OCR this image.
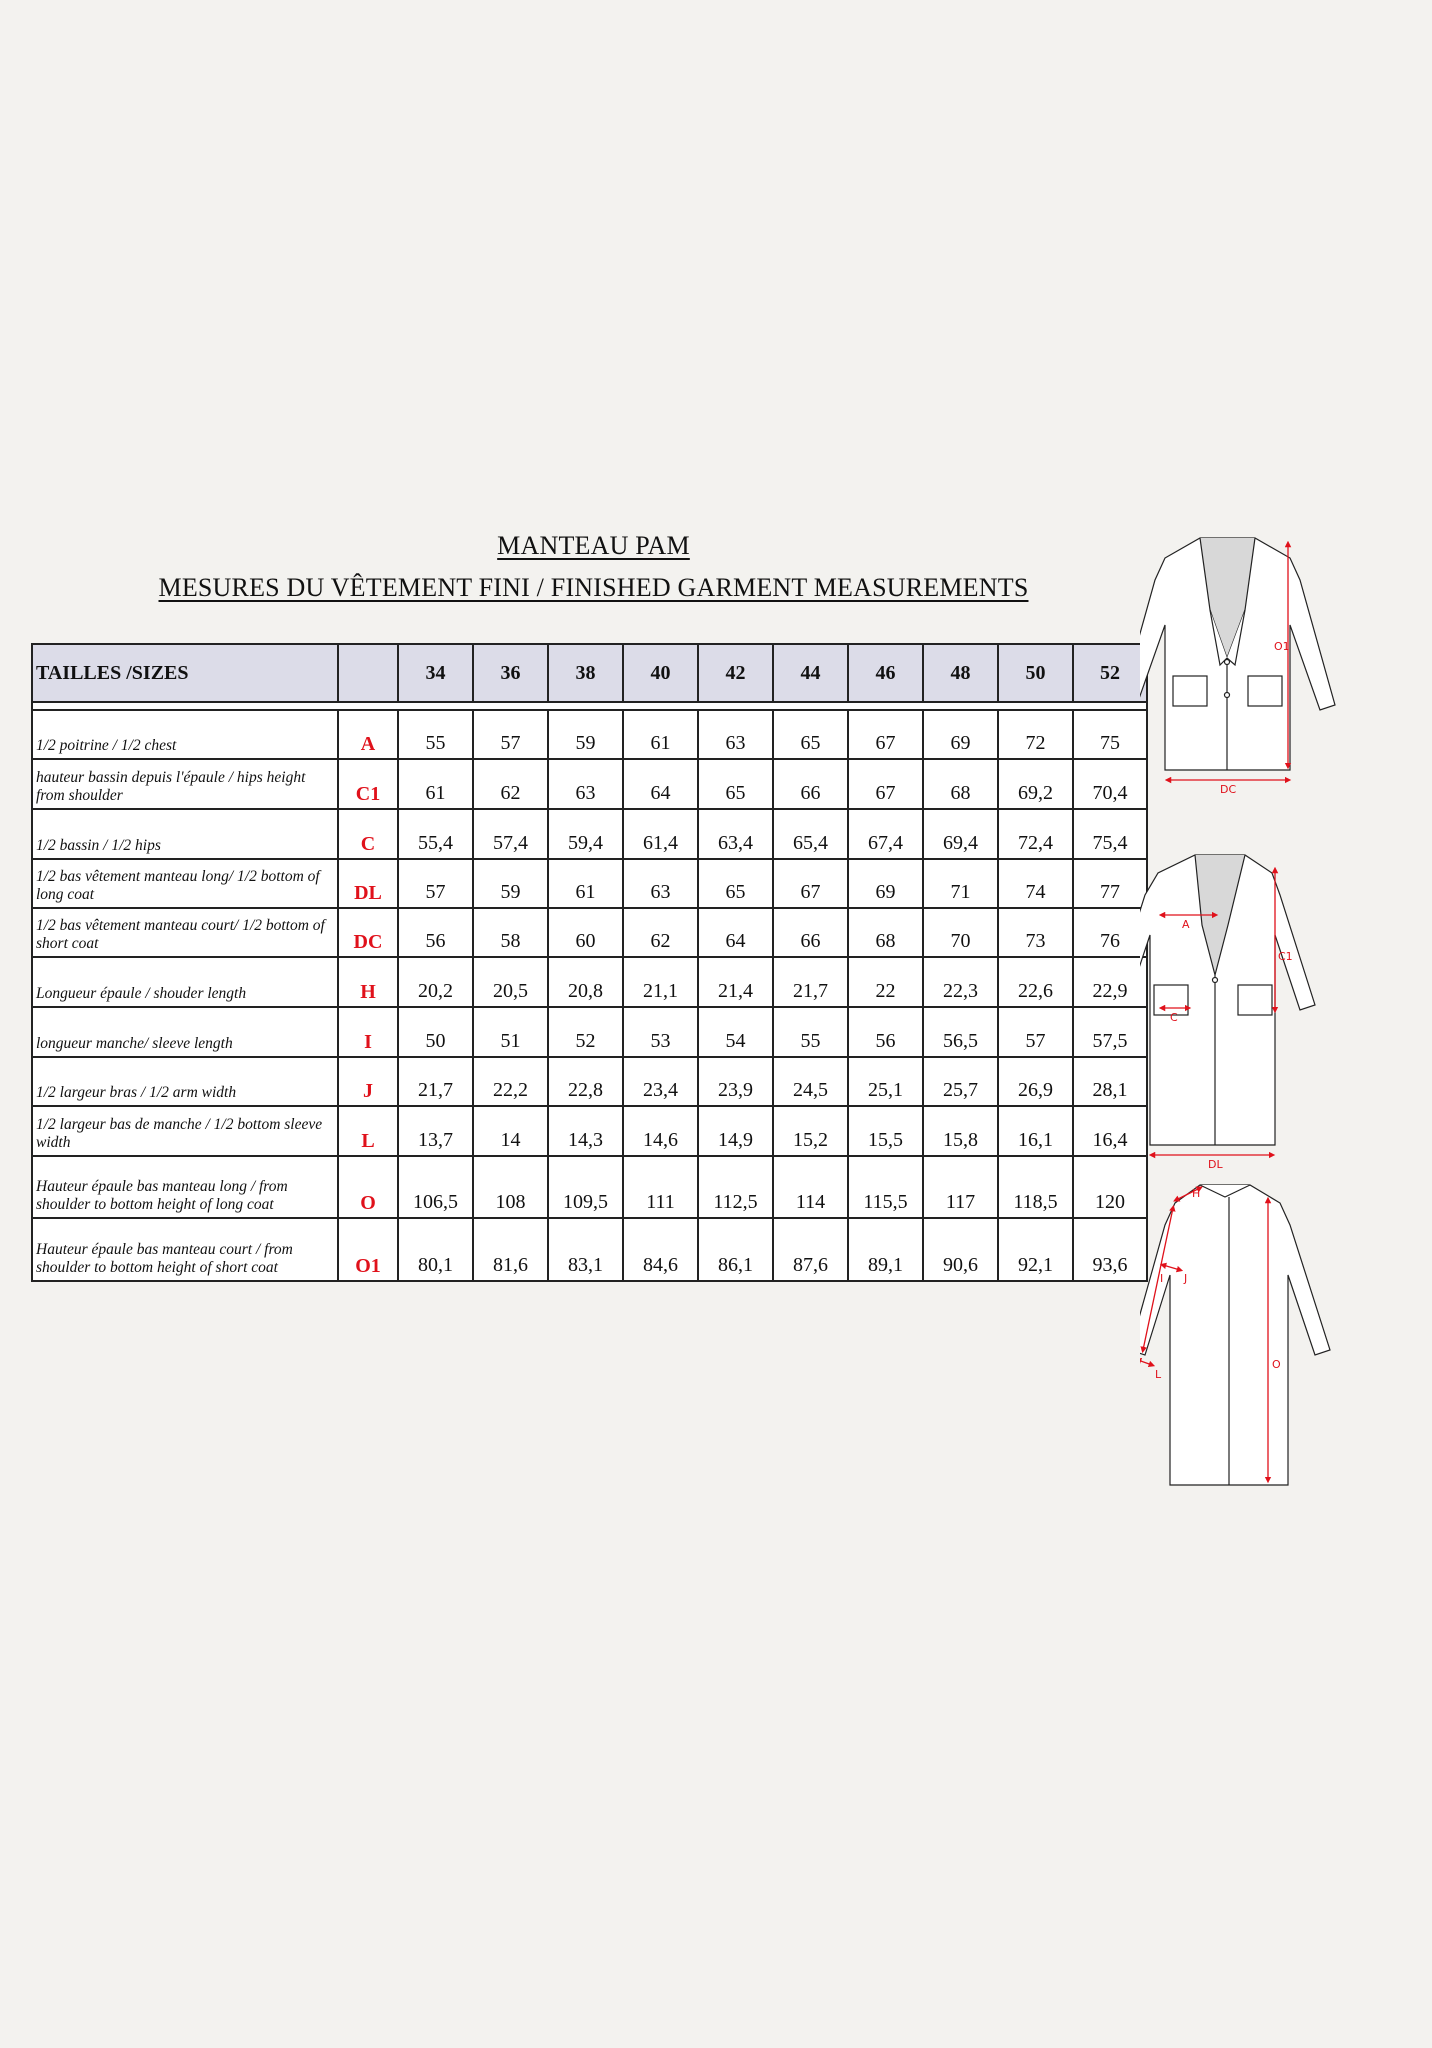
MANTEAU PAM
MESURES DU VÊTEMENT FINI / FINISHED GARMENT MEASUREMENTS
TAILLES /SIZES		34	36	38	40	42	44	46	48	50	52

1/2 poitrine / 1/2 chest	A	55	57	59	61	63	65	67	69	72	75
hauteur bassin depuis l'épaule / hips height from shoulder	C1	61	62	63	64	65	66	67	68	69,2	70,4
1/2 bassin / 1/2 hips	C	55,4	57,4	59,4	61,4	63,4	65,4	67,4	69,4	72,4	75,4
1/2 bas vêtement manteau long/ 1/2 bottom of long coat	DL	57	59	61	63	65	67	69	71	74	77
1/2 bas vêtement manteau court/ 1/2 bottom of short coat	DC	56	58	60	62	64	66	68	70	73	76
Longueur épaule / shouder length	H	20,2	20,5	20,8	21,1	21,4	21,7	22	22,3	22,6	22,9
longueur manche/ sleeve length	I	50	51	52	53	54	55	56	56,5	57	57,5
1/2 largeur bras / 1/2 arm width	J	21,7	22,2	22,8	23,4	23,9	24,5	25,1	25,7	26,9	28,1
1/2 largeur bas de manche / 1/2 bottom sleeve width	L	13,7	14	14,3	14,6	14,9	15,2	15,5	15,8	16,1	16,4
Hauteur épaule bas manteau long / from shoulder to bottom height of long coat	O	106,5	108	109,5	111	112,5	114	115,5	117	118,5	120
Hauteur épaule bas manteau court / from shoulder to bottom height of short coat	O1	80,1	81,6	83,1	84,6	86,1	87,6	89,1	90,6	92,1	93,6
O1
DC
A
C1
C
DL
H
I J
L
O
